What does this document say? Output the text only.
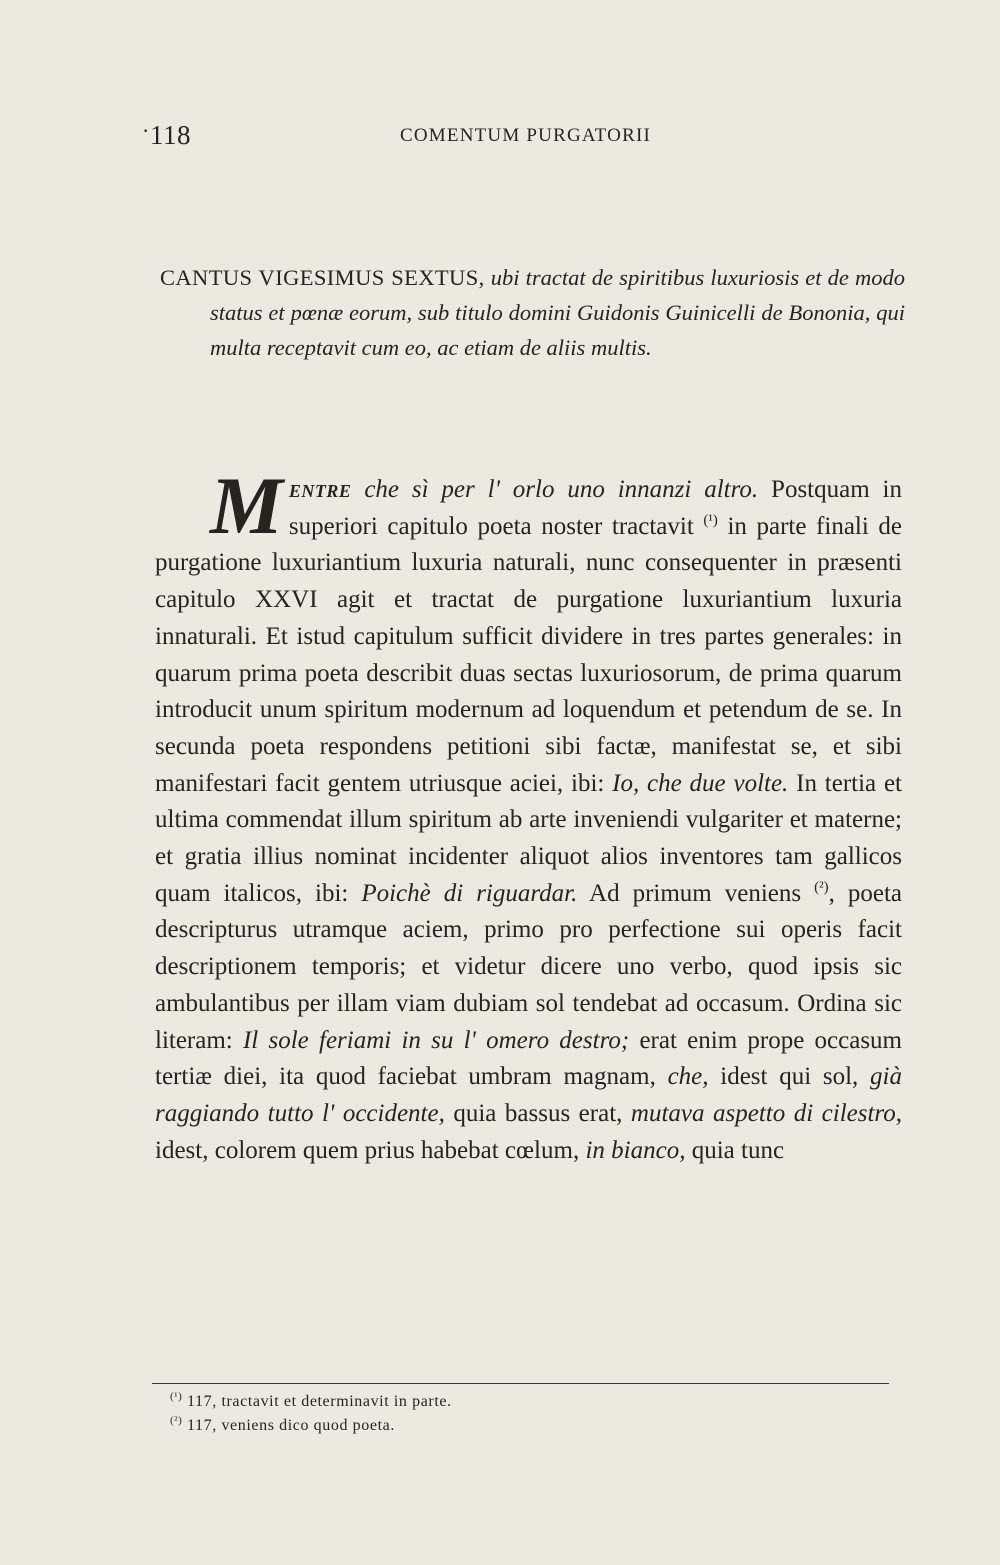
· 118	COMENTUM PURGATORII

CANTUS VIGESIMUS SEXTUS, ubi tractat de spiritibus luxuriosis et de modo status et pœnæ eorum, sub titulo domini Guidonis Guinicelli de Bononia, qui multa receptavit cum eo, ac etiam de aliis multis.

Mentre che sì per l' orlo uno innanzi altro. Postquam in superiori capitulo poeta noster tractavit $^{(^1)}$ in parte finali de purgatione luxuriantium luxuria naturali, nunc consequenter in præsenti capitulo XXVI agit et tractat de purgatione luxuriantium luxuria innaturali. Et istud capitulum sufficit dividere in tres partes generales: in quarum prima poeta describit duas sectas luxuriosorum, de prima quarum introducit unum spiritum modernum ad loquendum et petendum de se. In secunda poeta respondens petitioni sibi factæ, manifestat se, et sibi manifestari facit gentem utriusque aciei, ibi: Io, che due volte. In tertia et ultima commendat illum spiritum ab arte inveniendi vulgariter et materne; et gratia illius nominat incidenter aliquot alios inventores tam gallicos quam italicos, ibi: Poichè di riguardar. Ad primum veniens $^{(^2)}$, poeta descripturus utramque aciem, primo pro perfectione sui operis facit descriptionem temporis; et videtur dicere uno verbo, quod ipsis sic ambulantibus per illam viam dubiam sol tendebat ad occasum. Ordina sic literam: Il sole feriami in su l' omero destro; erat enim prope occasum tertiæ diei, ita quod faciebat umbram magnam, che, idest qui sol, già raggiando tutto l' occidente, quia bassus erat, mutava aspetto di cilestro, idest, colorem quem prius habebat cœlum, in bianco, quia tunc

$^{(^1)}$ 117, tractavit et determinavit in parte.
$^{(^2)}$ 117, veniens dico quod poeta.
